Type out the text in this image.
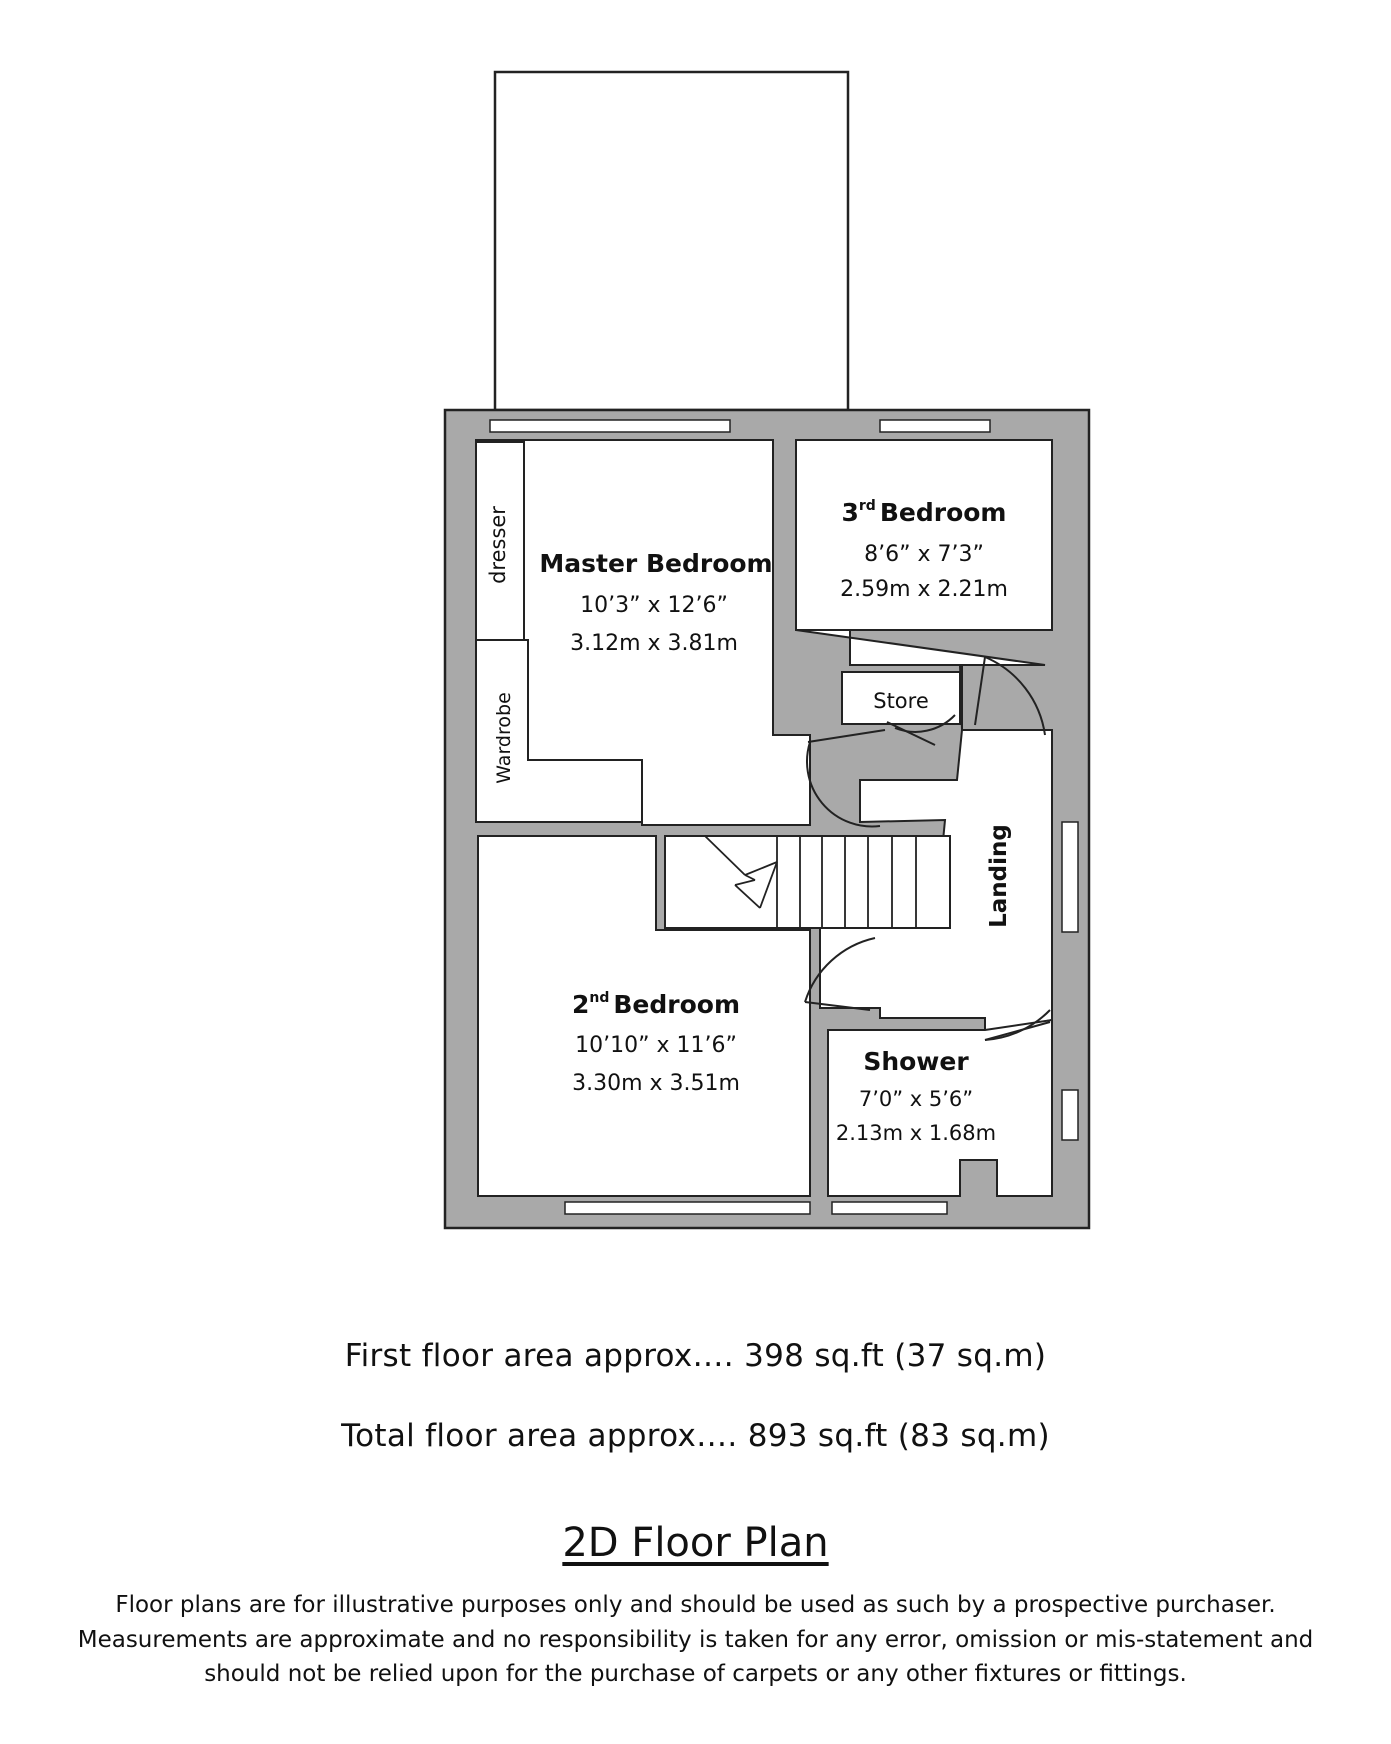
dresser
Wardrobe
Landing
Master Bedroom
10’3” x 12’6”
3.12m x 3.81m
3rd Bedroom
8’6” x 7’3”
2.59m x 2.21m
Store
2nd Bedroom
10’10” x 11’6”
3.30m x 3.51m
Shower
7’0” x 5’6”
2.13m x 1.68m
First floor area approx…. 398 sq.ft (37 sq.m)
Total floor area approx…. 893 sq.ft (83 sq.m)
2D Floor Plan
Floor plans are for illustrative purposes only and should be used as such by a prospective purchaser.
Measurements are approximate and no responsibility is taken for any error, omission or mis-statement and
should not be relied upon for the purchase of carpets or any other fixtures or fittings.
